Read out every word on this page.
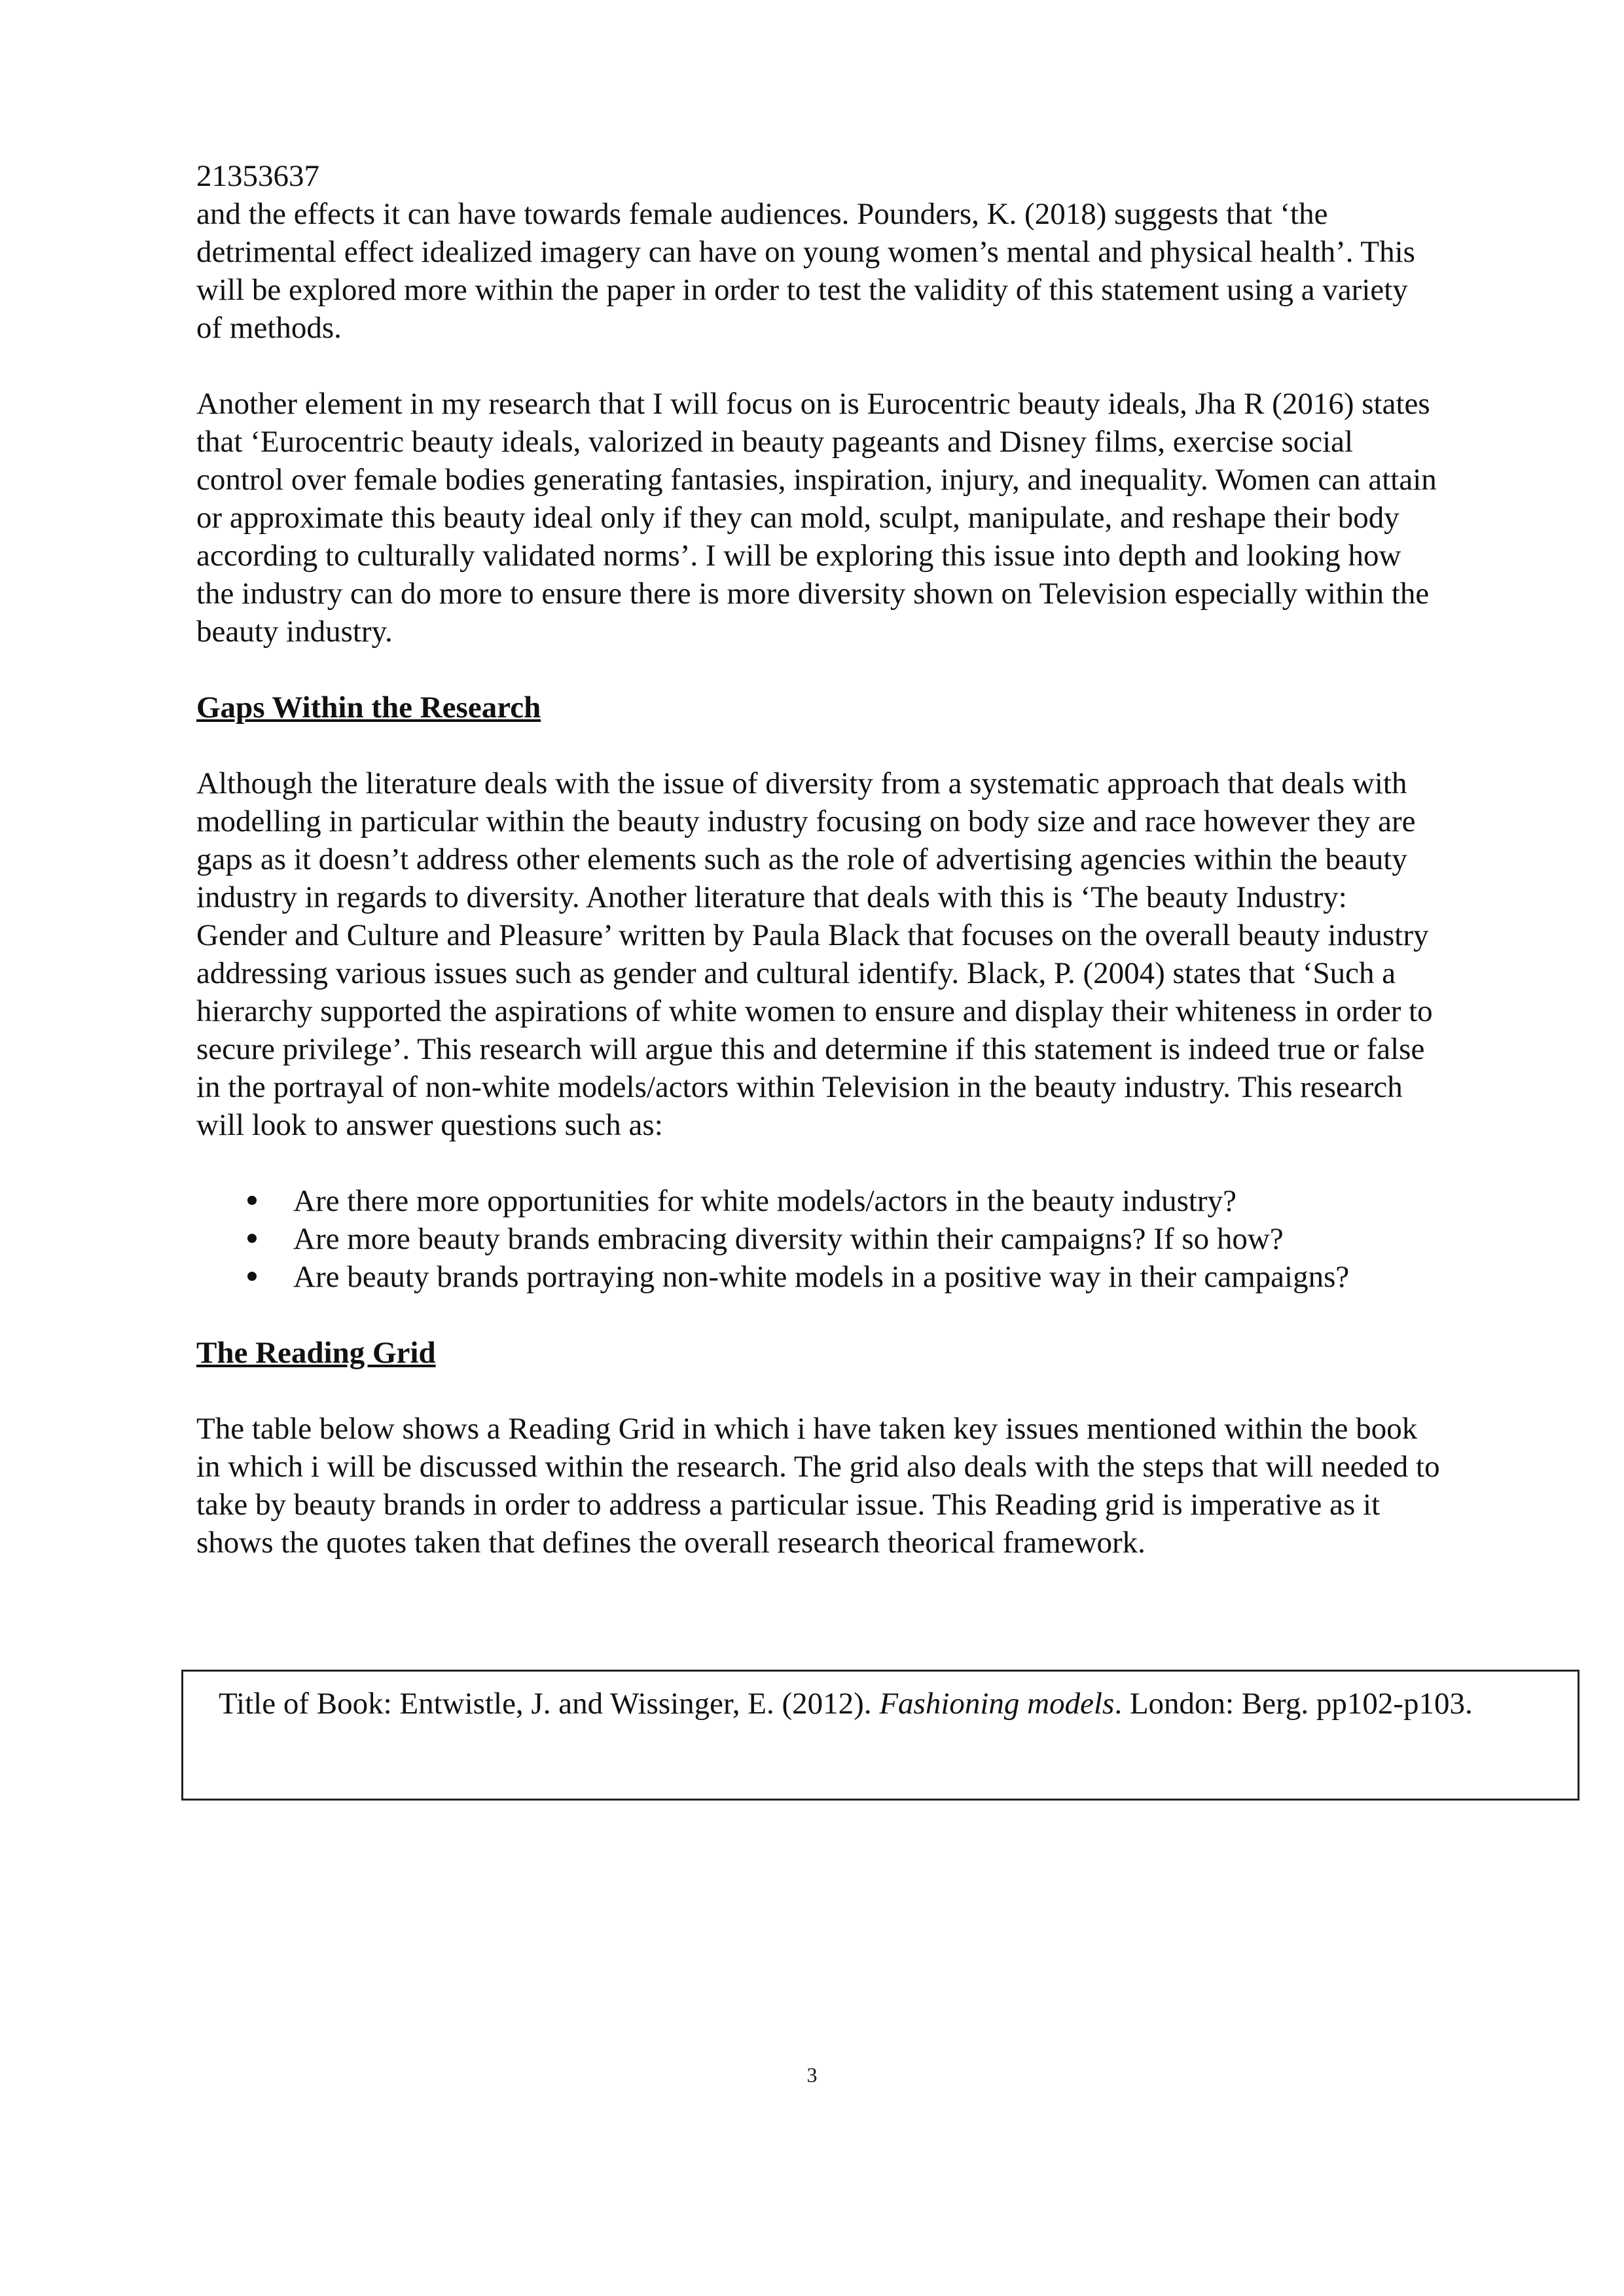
21353637

and the effects it can have towards female audiences. Pounders, K. (2018) suggests that ‘the detrimental effect idealized imagery can have on young women’s mental and physical health’. This will be explored more within the paper in order to test the validity of this statement using a variety of methods.

Another element in my research that I will focus on is Eurocentric beauty ideals, Jha R (2016) states that ‘Eurocentric beauty ideals, valorized in beauty pageants and Disney films, exercise social control over female bodies generating fantasies, inspiration, injury, and inequality. Women can attain or approximate this beauty ideal only if they can mold, sculpt, manipulate, and reshape their body according to culturally validated norms’. I will be exploring this issue into depth and looking how the industry can do more to ensure there is more diversity shown on Television especially within the beauty industry.

Gaps Within the Research

Although the literature deals with the issue of diversity from a systematic approach that deals with modelling in particular within the beauty industry focusing on body size and race however they are gaps as it doesn’t address other elements such as the role of advertising agencies within the beauty industry in regards to diversity. Another literature that deals with this is ‘The beauty Industry: Gender and Culture and Pleasure’ written by Paula Black that focuses on the overall beauty industry addressing various issues such as gender and cultural identify. Black, P. (2004) states that ‘Such a hierarchy supported the aspirations of white women to ensure and display their whiteness in order to secure privilege’. This research will argue this and determine if this statement is indeed true or false in the portrayal of non-white models/actors within Television in the beauty industry. This research will look to answer questions such as:

Are there more opportunities for white models/actors in the beauty industry?
Are more beauty brands embracing diversity within their campaigns? If so how?
Are beauty brands portraying non-white models in a positive way in their campaigns?
The Reading Grid

The table below shows a Reading Grid in which i have taken key issues mentioned within the book in which i will be discussed within the research. The grid also deals with the steps that will needed to take by beauty brands in order to address a particular issue. This Reading grid is imperative as it shows the quotes taken that defines the overall research theorical framework.

Title of Book: Entwistle, J. and Wissinger, E. (2012). Fashioning models. London: Berg. pp102-p103.
3
